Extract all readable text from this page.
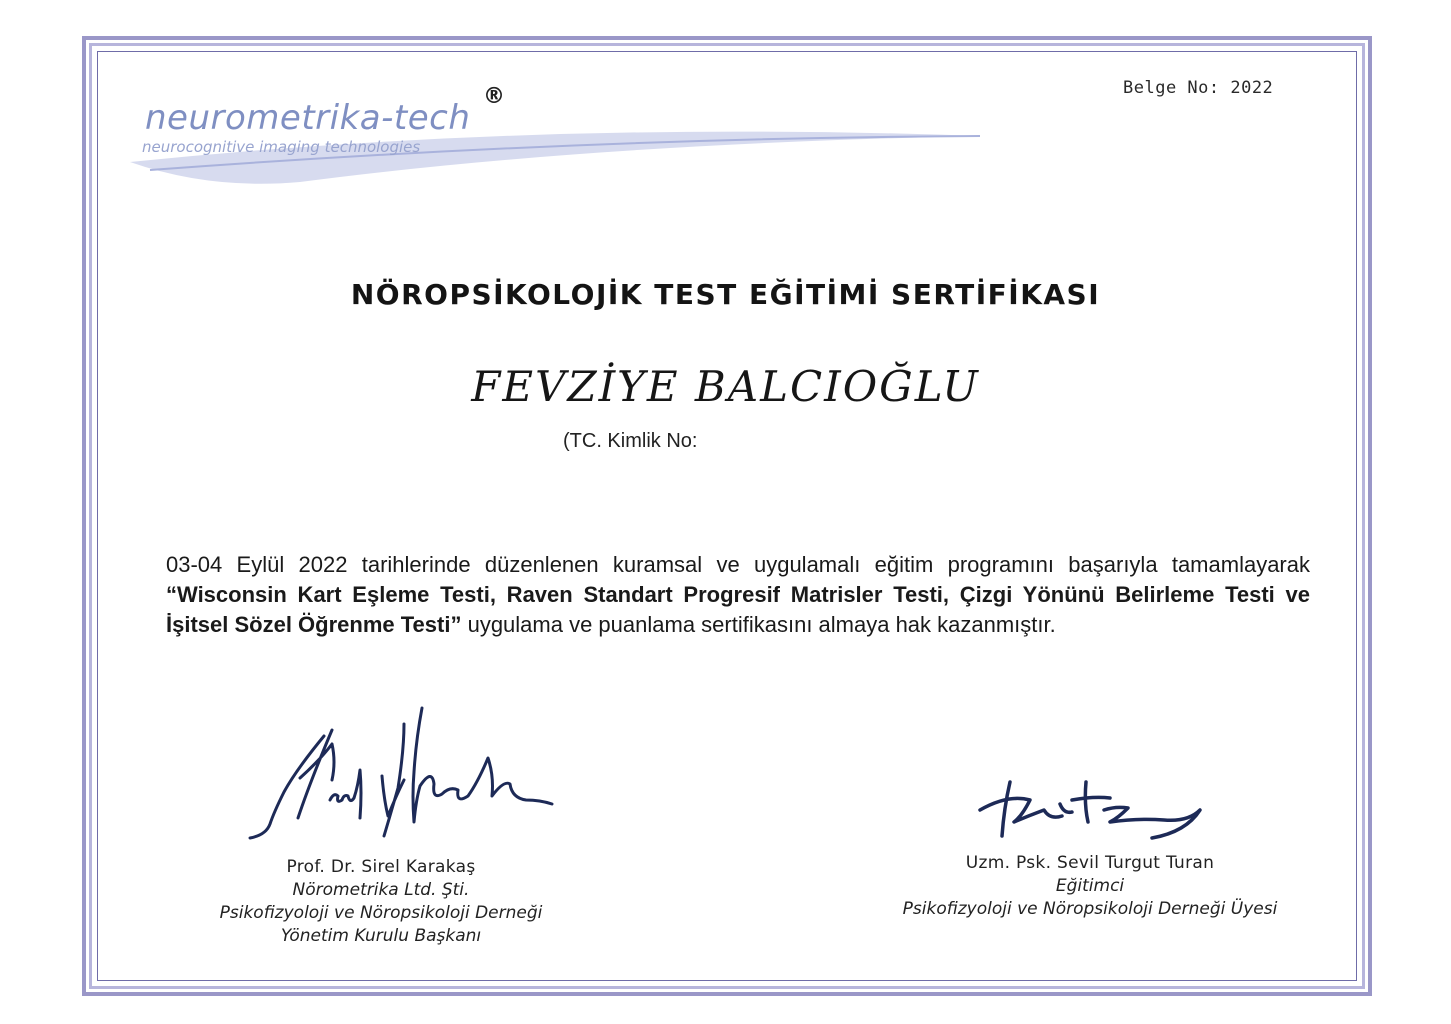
neurometrika-tech
®
neurocognitive imaging technologies
Belge No: 2022
NÖROPSİKOLOJİK TEST EĞİTİMİ SERTİFİKASI
FEVZİYE BALCIOĞLU
(TC. Kimlik No:
03-04 Eylül 2022 tarihlerinde düzenlenen kuramsal ve uygulamalı eğitim programını başarıyla tamamlayarak “Wisconsin Kart Eşleme Testi, Raven Standart Progresif Matrisler Testi, Çizgi Yönünü Belirleme Testi ve İşitsel Sözel Öğrenme Testi” uygulama ve puanlama sertifikasını almaya hak kazanmıştır.
Prof. Dr. Sirel Karakaş
Nörometrika Ltd. Şti.
Psikofizyoloji ve Nöropsikoloji Derneği
Yönetim Kurulu Başkanı
Uzm. Psk. Sevil Turgut Turan
Eğitimci
Psikofizyoloji ve Nöropsikoloji Derneği Üyesi
